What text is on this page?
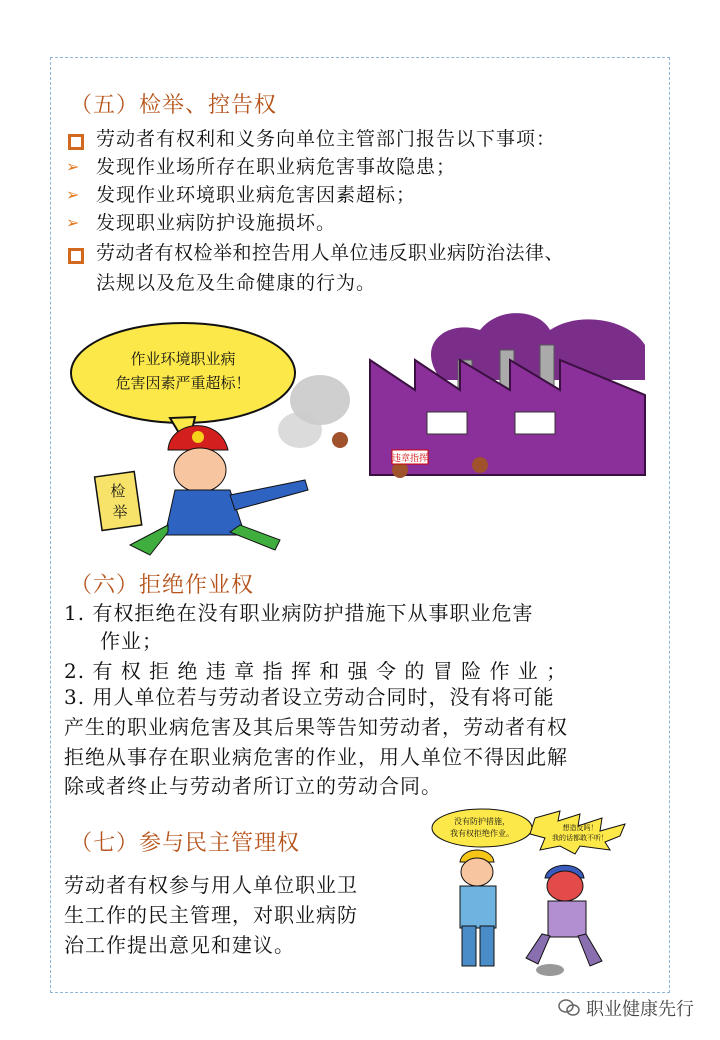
（五）检举、控告权
劳动者有权利和义务向单位主管部门报告以下事项：
➢ 发现作业场所存在职业病危害事故隐患；
➢ 发现作业环境职业病危害因素超标；
➢ 发现职业病防护设施损坏。
劳动者有权检举和控告用人单位违反职业病防治法律、
法规以及危及生命健康的行为。
作业环境职业病
危害因素严重超标！
违章指挥
检
举
（六）拒绝作业权
1. 有权拒绝在没有职业病防护措施下从事职业危害
作业；
2. 有 权 拒 绝 违 章 指 挥 和 强 令 的 冒 险 作 业 ；
3. 用人单位若与劳动者设立劳动合同时，没有将可能
产生的职业病危害及其后果等告知劳动者，劳动者有权
拒绝从事存在职业病危害的作业，用人单位不得因此解
除或者终止与劳动者所订立的劳动合同。
（七）参与民主管理权
劳动者有权参与用人单位职业卫
生工作的民主管理，对职业病防
治工作提出意见和建议。
没有防护措施，
我有权拒绝作业。
想造反吗！
我的话都敢不听！
职业健康先行
